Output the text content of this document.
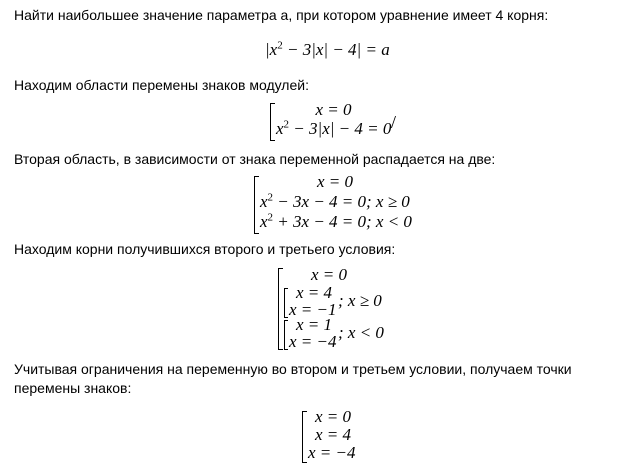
Найти наибольшее значение параметра a, при котором уравнение имеет 4 корня:
$|x^2 - 3|x| - 4| = a$
Находим области перемены знаков модулей:
x = 0
$x^2 - 3|x| - 4 = 0$ /
Вторая область, в зависимости от знака переменной распадается на две:
x = 0
$x^2 - 3x - 4 = 0$; x ≥ 0
$x^2 + 3x - 4 = 0$; x < 0
Находим корни получившихся второго и третьего условия:
x = 0
x = 4
x = −1 ; x ≥ 0
x = 1
x = −4 ; x < 0
Учитывая ограничения на переменную во втором и третьем условии, получаем точки перемены знаков:
x = 0
x = 4
x = −4
